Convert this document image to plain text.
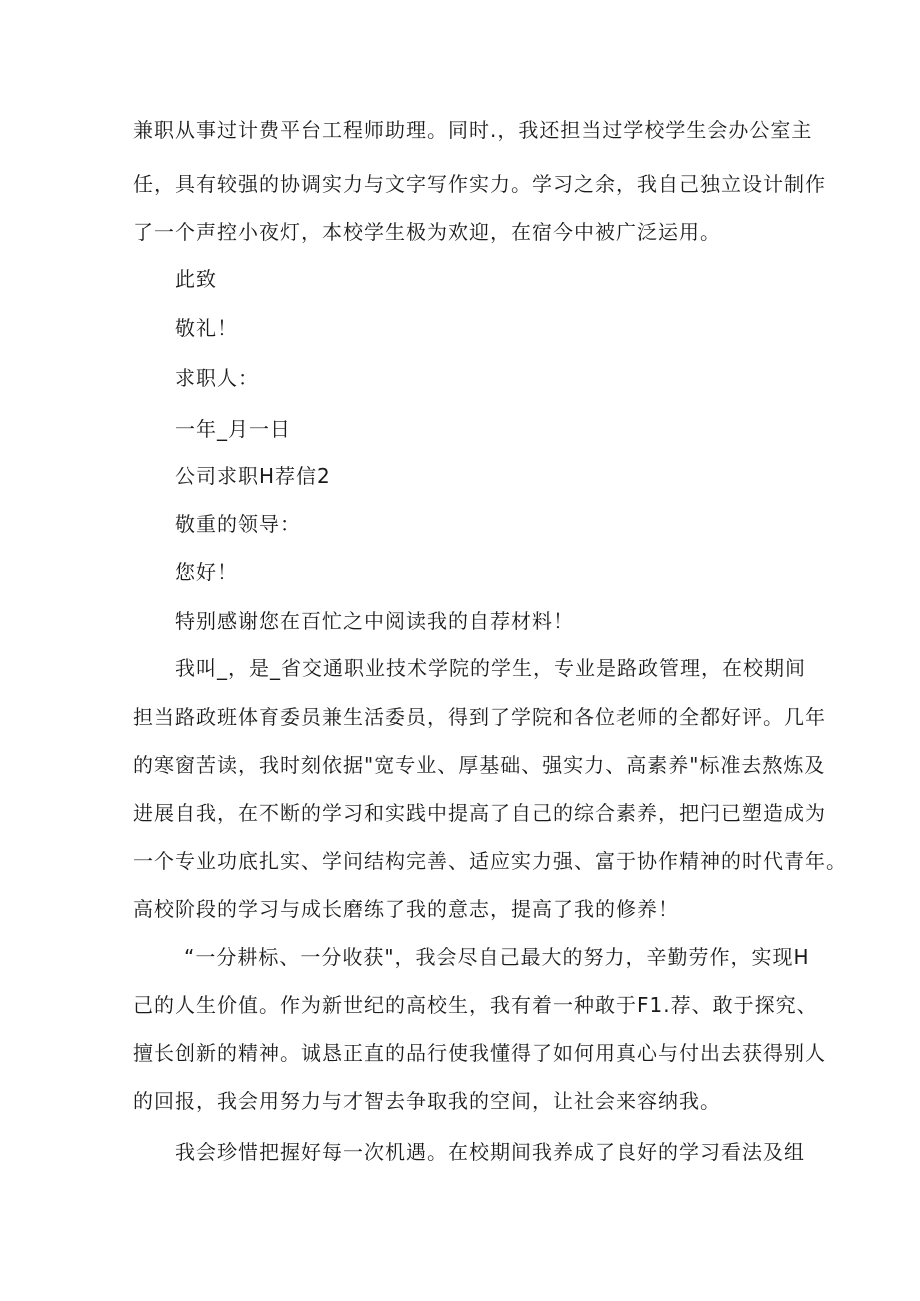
兼职从事过计费平台工程师助理。同时.，我还担当过学校学生会办公室主
任，具有较强的协调实力与文字写作实力。学习之余，我自己独立设计制作
了一个声控小夜灯，本校学生极为欢迎，在宿今中被广泛运用。
此致
敬礼！
求职人：
一年_月一日
公司求职H荐信2
敬重的领导：
您好！
特别感谢您在百忙之中阅读我的自荐材料！
我叫_，是_省交通职业技术学院的学生，专业是路政管理，在校期间
担当路政班体育委员兼生活委员，得到了学院和各位老师的全都好评。几年
的寒窗苦读，我时刻依据"宽专业、厚基础、强实力、高素养"标准去熬炼及
进展自我，在不断的学习和实践中提高了自己的综合素养，把闩已塑造成为
一个专业功底扎实、学问结构完善、适应实力强、富于协作精神的时代青年。
高校阶段的学习与成长磨练了我的意志，提高了我的修养！
“一分耕标、一分收获"，我会尽自己最大的努力，辛勤劳作，实现H
己的人生价值。作为新世纪的高校生，我有着一种敢于F1.荐、敢于探究、
擅长创新的精神。诚恳正直的品行使我懂得了如何用真心与付出去获得别人
的回报，我会用努力与才智去争取我的空间，让社会来容纳我。
我会珍惜把握好每一次机遇。在校期间我养成了良好的学习看法及组
